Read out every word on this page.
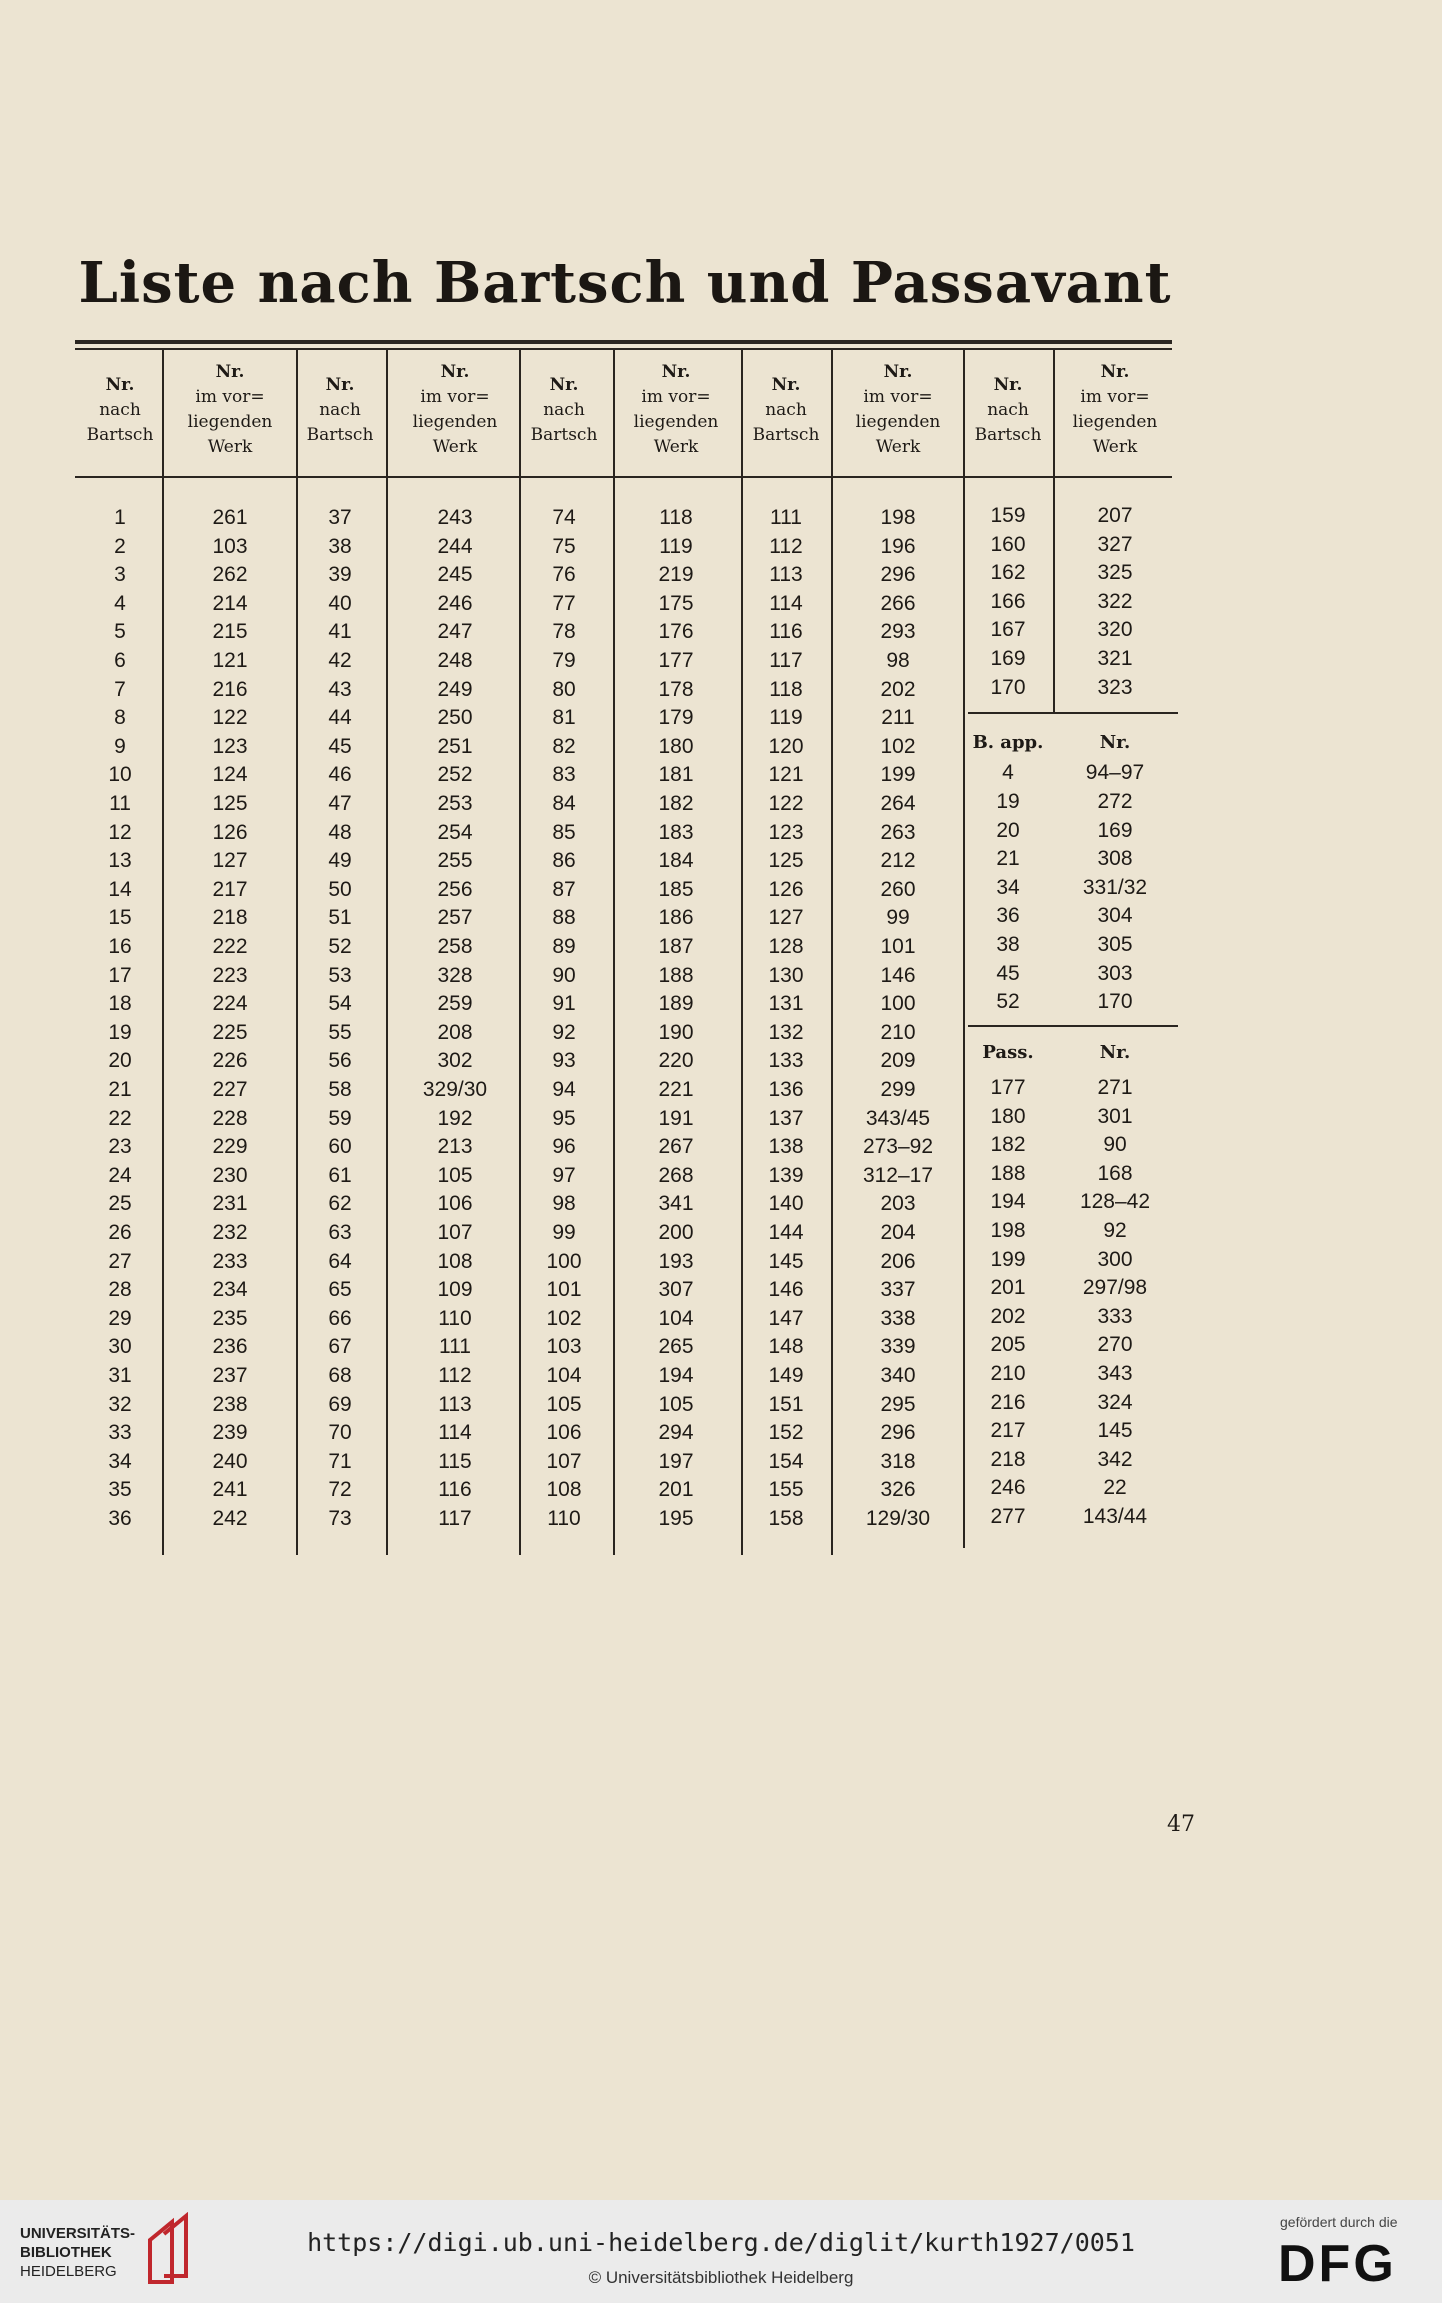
Liste nach Bartsch und Passavant
Nr.
nach Bartsch
Nr.
im vor= liegenden Werk
Nr.
nach Bartsch
Nr.
im vor= liegenden Werk
Nr.
nach Bartsch
Nr.
im vor= liegenden Werk
Nr.
nach Bartsch
Nr.
im vor= liegenden Werk
Nr.
nach Bartsch
Nr.
im vor= liegenden Werk
1
2
3
4
5
6
7
8
9
10
11
12
13
14
15
16
17
18
19
20
21
22
23
24
25
26
27
28
29
30
31
32
33
34
35
36
261
103
262
214
215
121
216
122
123
124
125
126
127
217
218
222
223
224
225
226
227
228
229
230
231
232
233
234
235
236
237
238
239
240
241
242
37
38
39
40
41
42
43
44
45
46
47
48
49
50
51
52
53
54
55
56
58
59
60
61
62
63
64
65
66
67
68
69
70
71
72
73
243
244
245
246
247
248
249
250
251
252
253
254
255
256
257
258
328
259
208
302
329/30
192
213
105
106
107
108
109
110
111
112
113
114
115
116
117
74
75
76
77
78
79
80
81
82
83
84
85
86
87
88
89
90
91
92
93
94
95
96
97
98
99
100
101
102
103
104
105
106
107
108
110
118
119
219
175
176
177
178
179
180
181
182
183
184
185
186
187
188
189
190
220
221
191
267
268
341
200
193
307
104
265
194
105
294
197
201
195
111
112
113
114
116
117
118
119
120
121
122
123
125
126
127
128
130
131
132
133
136
137
138
139
140
144
145
146
147
148
149
151
152
154
155
158
198
196
296
266
293
98
202
211
102
199
264
263
212
260
99
101
146
100
210
209
299
343/45
273–92
312–17
203
204
206
337
338
339
340
295
296
318
326
129/30
159
160
162
166
167
169
170
207
327
325
322
320
321
323
B. app.	Nr.
4
19
20
21
34
36
38
45
52
94–97
272
169
308
331/32
304
305
303
170
Pass.	Nr.
177
180
182
188
194
198
199
201
202
205
210
216
217
218
246
277
271
301
90
168
128–42
92
300
297/98
333
270
343
324
145
342
22
143/44
47
UNIVERSITÄTS-
BIBLIOTHEK
HEIDELBERG
https://digi.ub.uni-heidelberg.de/diglit/kurth1927/0051
© Universitätsbibliothek Heidelberg
gefördert durch die
DFG
